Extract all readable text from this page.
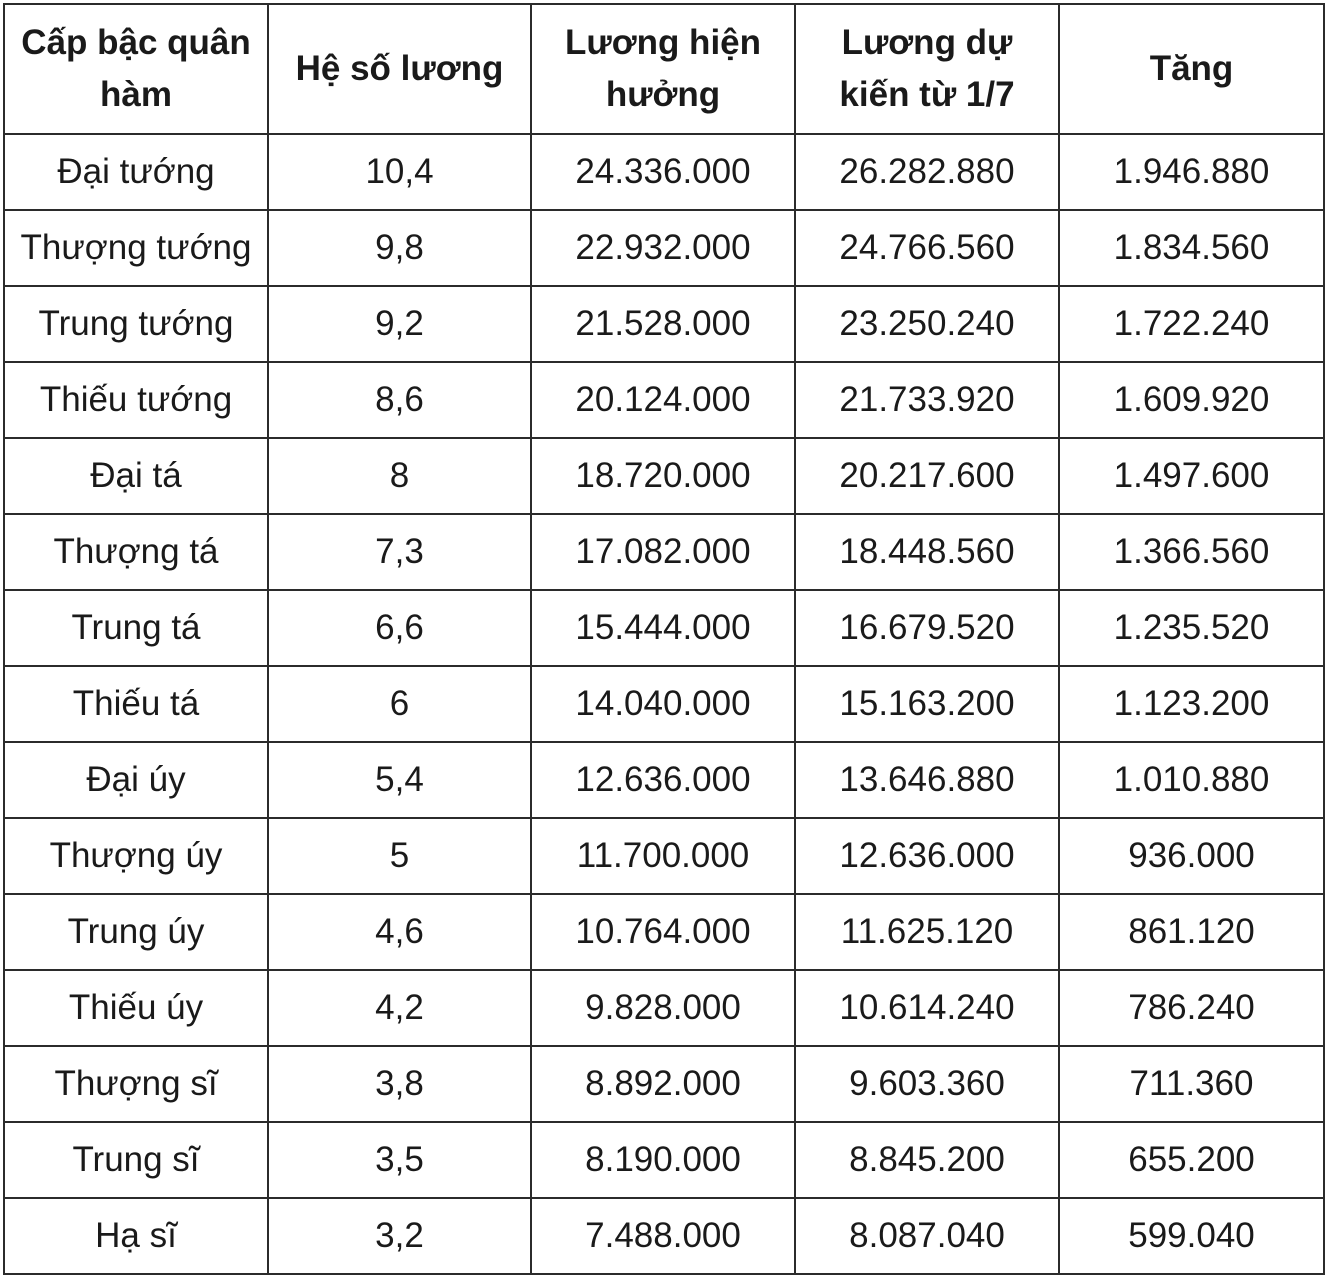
Cấp bậc quân hàm	Hệ số lương	Lương hiện hưởng	Lương dự kiến từ 1/7	Tăng
Đại tướng	10,4	24.336.000	26.282.880	1.946.880
Thượng tướng	9,8	22.932.000	24.766.560	1.834.560
Trung tướng	9,2	21.528.000	23.250.240	1.722.240
Thiếu tướng	8,6	20.124.000	21.733.920	1.609.920
Đại tá	8	18.720.000	20.217.600	1.497.600
Thượng tá	7,3	17.082.000	18.448.560	1.366.560
Trung tá	6,6	15.444.000	16.679.520	1.235.520
Thiếu tá	6	14.040.000	15.163.200	1.123.200
Đại úy	5,4	12.636.000	13.646.880	1.010.880
Thượng úy	5	11.700.000	12.636.000	936.000
Trung úy	4,6	10.764.000	11.625.120	861.120
Thiếu úy	4,2	9.828.000	10.614.240	786.240
Thượng sĩ	3,8	8.892.000	9.603.360	711.360
Trung sĩ	3,5	8.190.000	8.845.200	655.200
Hạ sĩ	3,2	7.488.000	8.087.040	599.040
